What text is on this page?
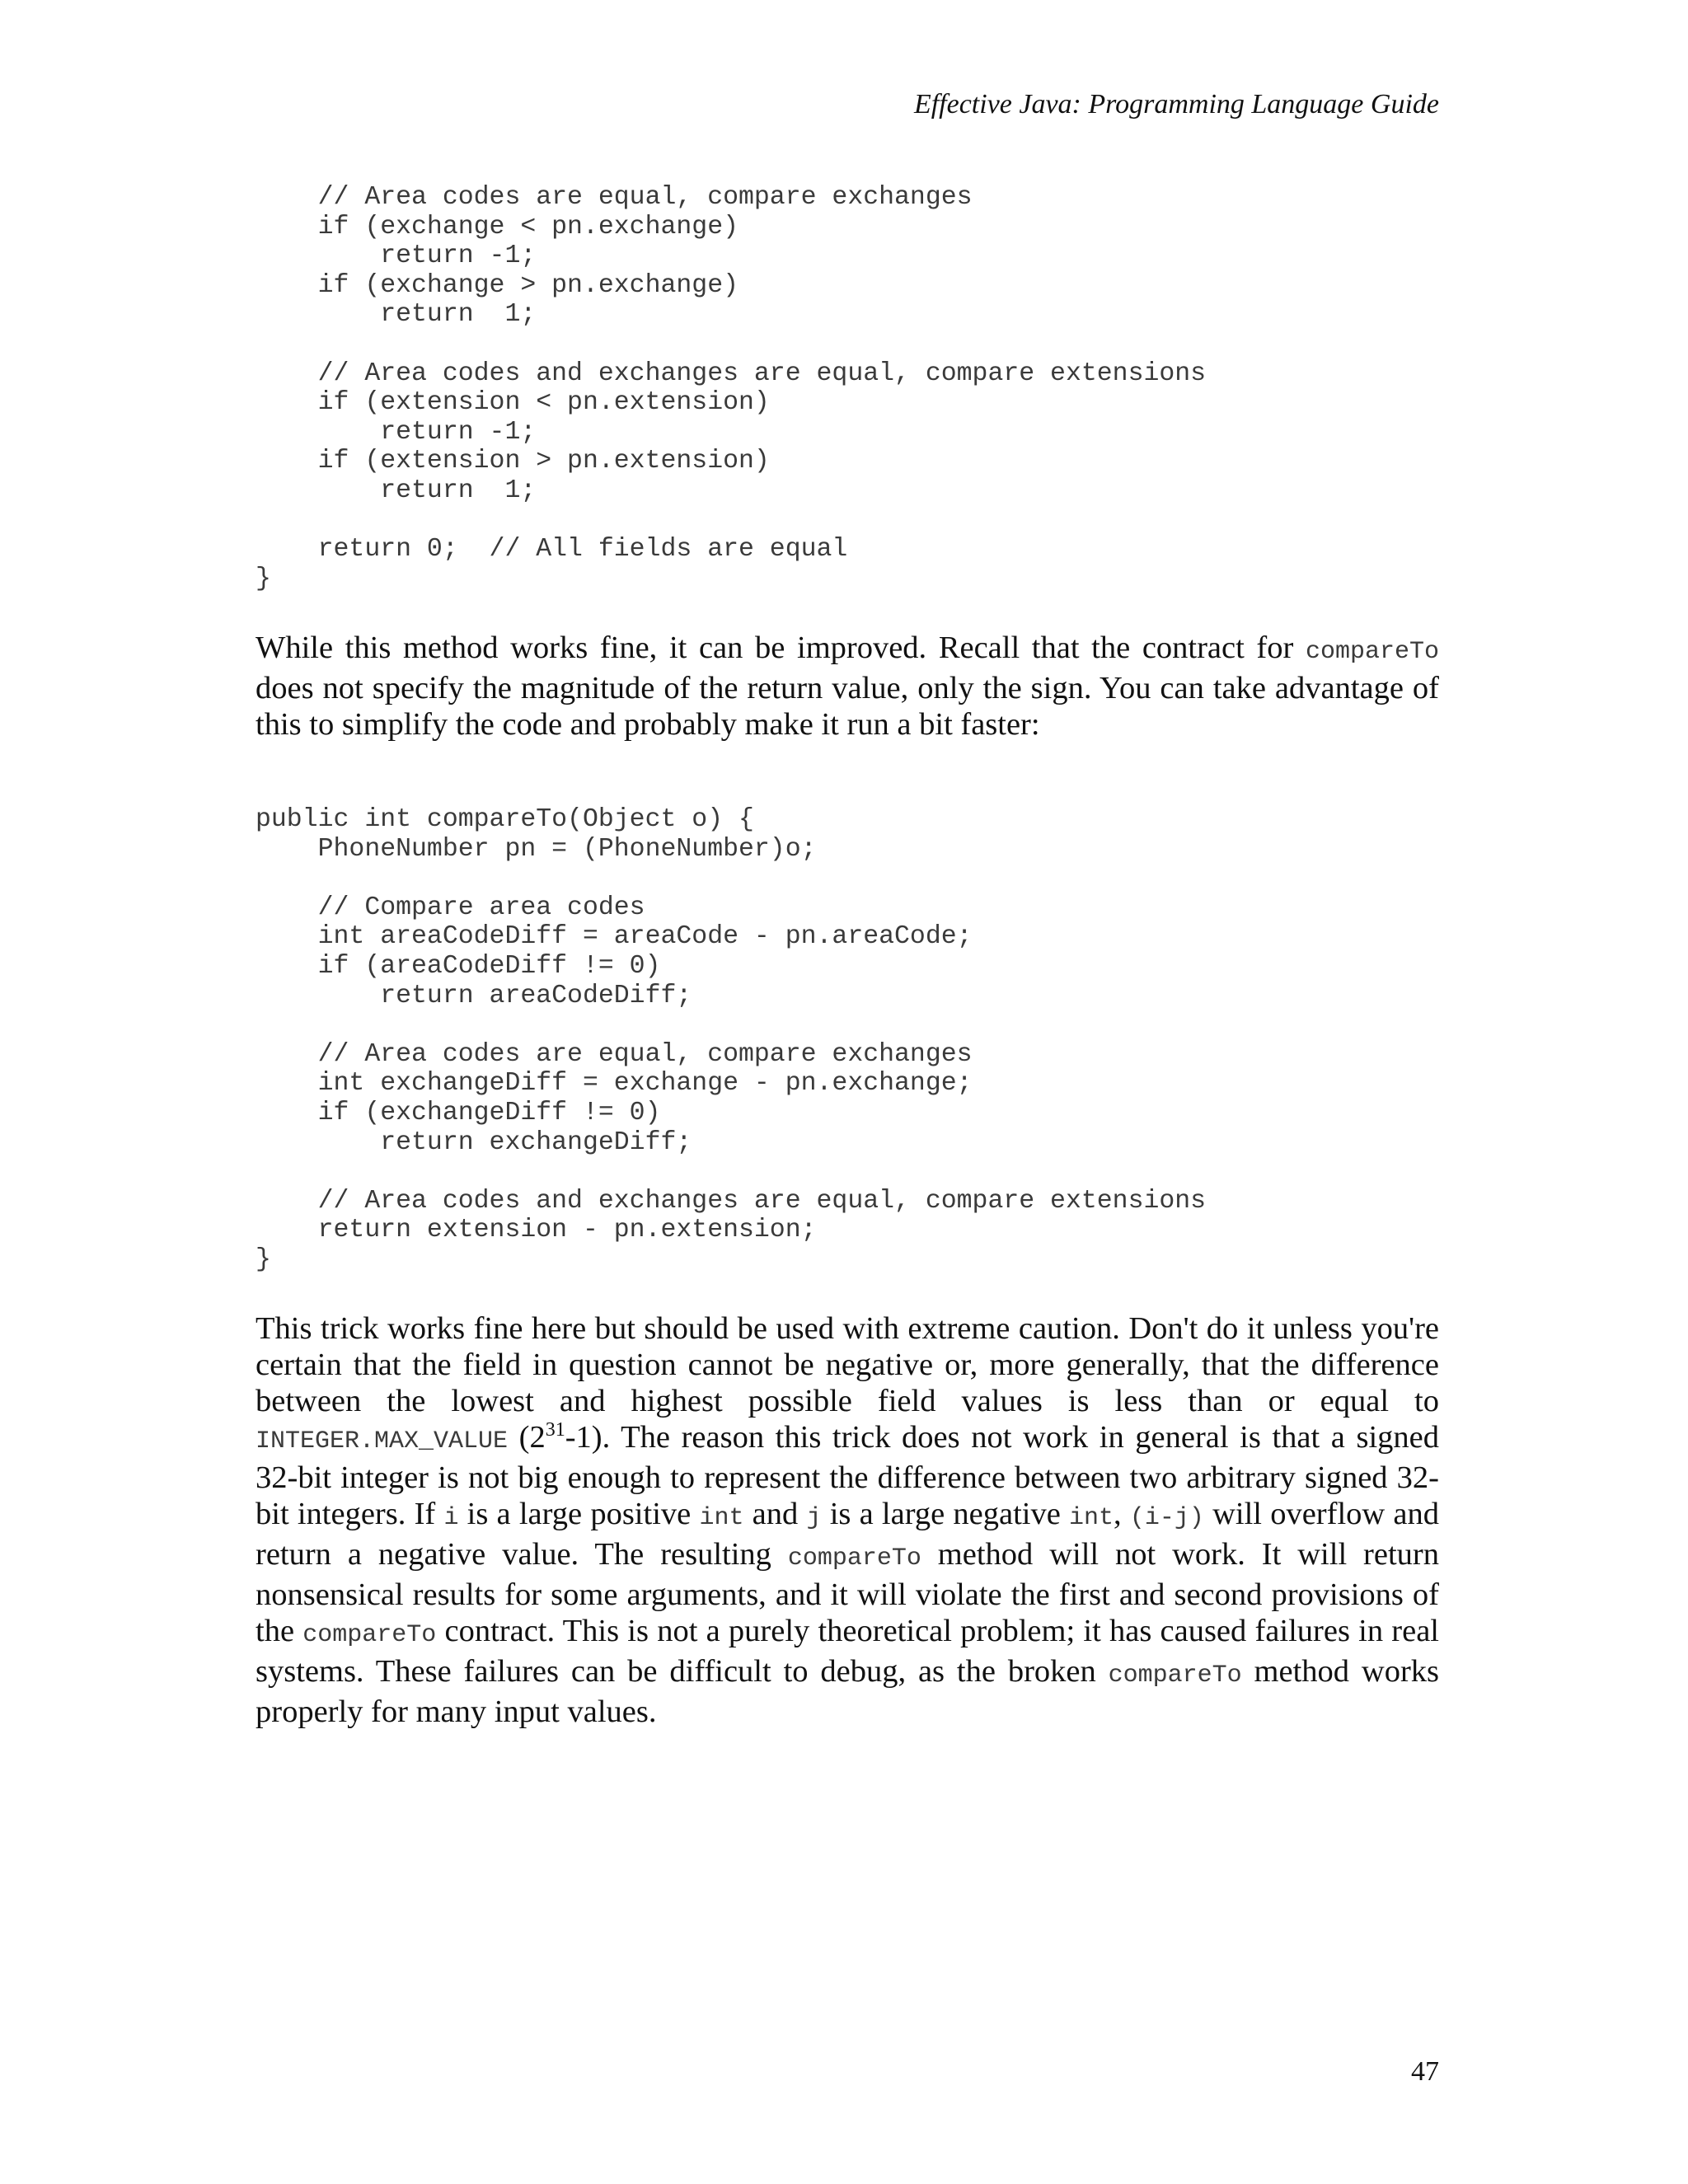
Effective Java: Programming Language Guide
// Area codes are equal, compare exchanges
if (exchange < pn.exchange)
return -1;
if (exchange > pn.exchange)
return  1;
// Area codes and exchanges are equal, compare extensions
if (extension < pn.extension)
return -1;
if (extension > pn.extension)
return  1;
return 0;  // All fields are equal
}

While this method works fine, it can be improved. Recall that the contract for compareTo does not specify the magnitude of the return value, only the sign. You can take advantage of this to simplify the code and probably make it run a bit faster:

public int compareTo(Object o) {
PhoneNumber pn = (PhoneNumber)o;
// Compare area codes
int areaCodeDiff = areaCode - pn.areaCode;
if (areaCodeDiff != 0)
return areaCodeDiff;
// Area codes are equal, compare exchanges
int exchangeDiff = exchange - pn.exchange;
if (exchangeDiff != 0)
return exchangeDiff;
// Area codes and exchanges are equal, compare extensions
return extension - pn.extension;
}

This trick works fine here but should be used with extreme caution. Don't do it unless you're certain that the field in question cannot be negative or, more generally, that the difference between the lowest and highest possible field values is less than or equal to INTEGER.MAX_VALUE $(2^{31}-1)$. The reason this trick does not work in general is that a signed 32-bit integer is not big enough to represent the difference between two arbitrary signed 32-bit integers. If i is a large positive int and j is a large negative int, (i-j) will overflow and return a negative value. The resulting compareTo method will not work. It will return nonsensical results for some arguments, and it will violate the first and second provisions of the compareTo contract. This is not a purely theoretical problem; it has caused failures in real systems. These failures can be difficult to debug, as the broken compareTo method works properly for many input values.

47
